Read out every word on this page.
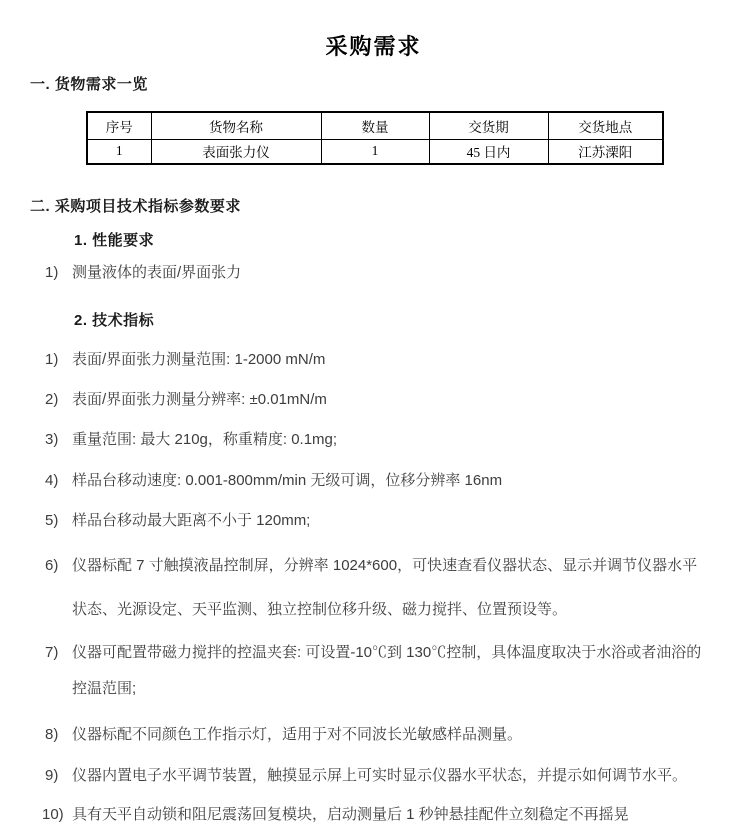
采购需求
一. 货物需求一览
序号	货物名称	数量	交货期	交货地点
1	表面张力仪	1	45 日内	江苏溧阳
二. 采购项目技术指标参数要求
1. 性能要求
1) 测量液体的表面/界面张力
2. 技术指标
1) 表面/界面张力测量范围: 1-2000 mN/m
2) 表面/界面张力测量分辨率: ±0.01mN/m
3) 重量范围: 最大 210g，称重精度: 0.1mg;
4) 样品台移动速度: 0.001-800mm/min 无级可调，位移分辨率 16nm
5) 样品台移动最大距离不小于 120mm;
6) 仪器标配 7 寸触摸液晶控制屏，分辨率 1024*600，可快速查看仪器状态、显示并调节仪器水平
状态、光源设定、天平监测、独立控制位移升级、磁力搅拌、位置预设等。
7) 仪器可配置带磁力搅拌的控温夹套: 可设置-10℃到 130℃控制，具体温度取决于水浴或者油浴的
控温范围;
8) 仪器标配不同颜色工作指示灯，适用于对不同波长光敏感样品测量。
9) 仪器内置电子水平调节装置，触摸显示屏上可实时显示仪器水平状态，并提示如何调节水平。
10) 具有天平自动锁和阻尼震荡回复模块，启动测量后 1 秒钟悬挂配件立刻稳定不再摇晃
